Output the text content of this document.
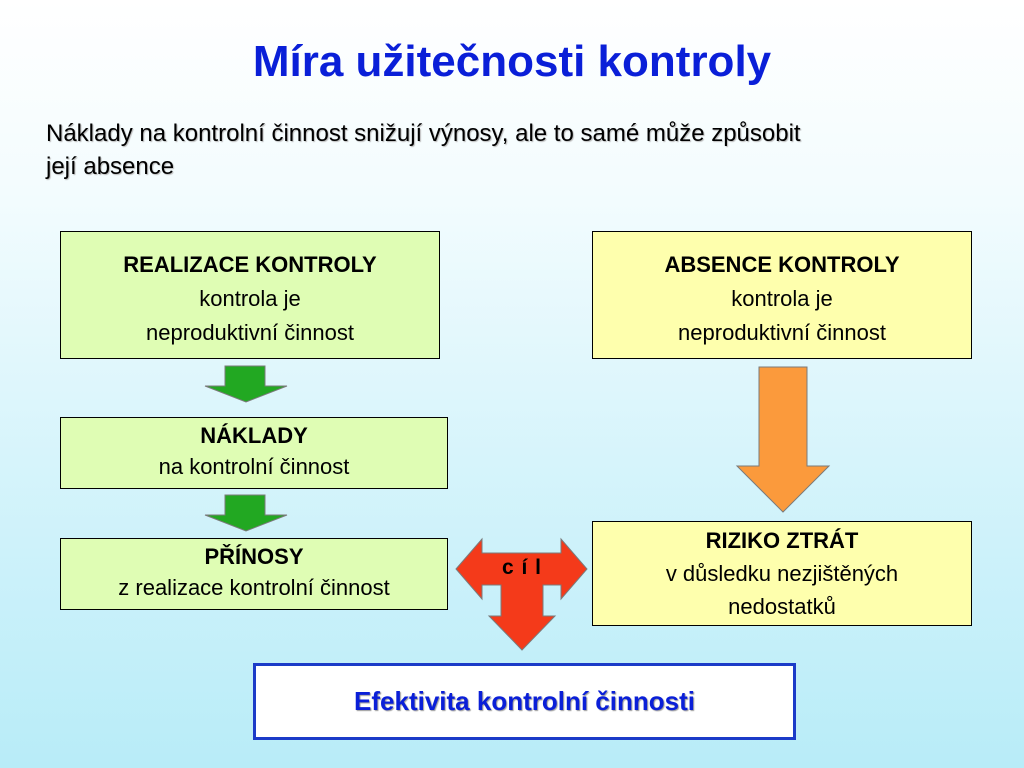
Míra užitečnosti kontroly
Náklady na kontrolní činnost snižují výnosy, ale to samé může způsobit
její absence
REALIZACE KONTROLY
kontrola je
neproduktivní činnost
ABSENCE KONTROLY
kontrola je
neproduktivní činnost
NÁKLADY
na kontrolní činnost
PŘÍNOSY
z realizace kontrolní činnost
RIZIKO ZTRÁT
v důsledku nezjištěných
nedostatků
c í l
Efektivita kontrolní činnosti
